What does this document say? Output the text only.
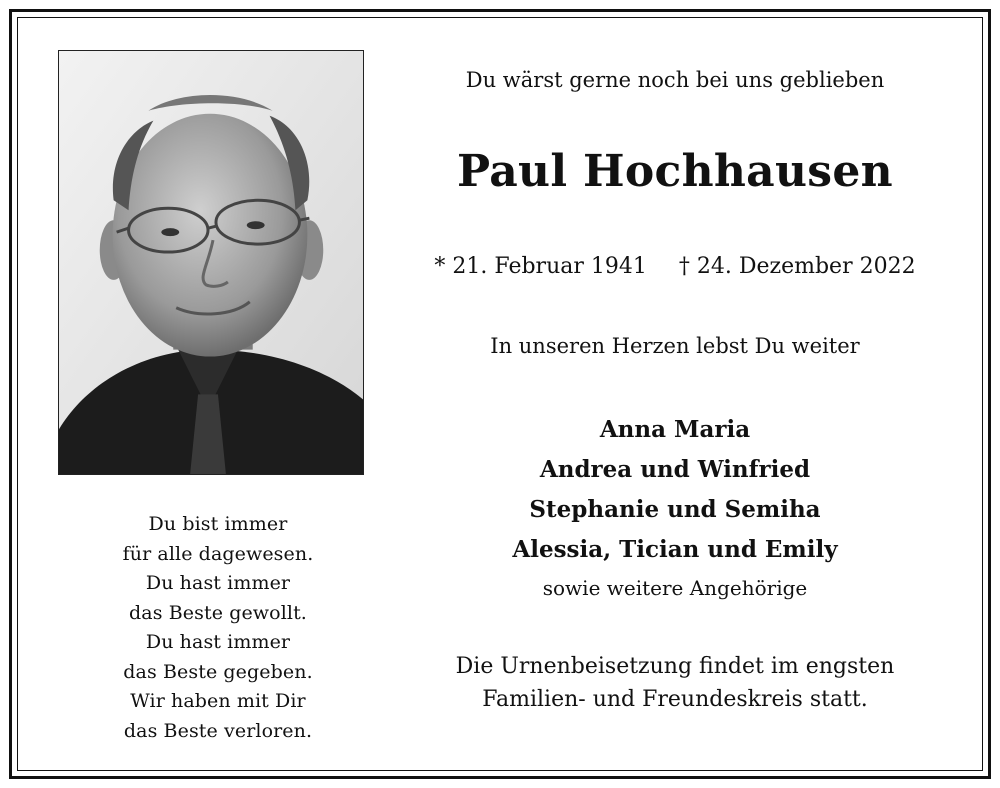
Du bist immer
für alle dagewesen.
Du hast immer
das Beste gewollt.
Du hast immer
das Beste gegeben.
Wir haben mit Dir
das Beste verloren.
Du wärst gerne noch bei uns geblieben
Paul Hochhausen
* 21. Februar 1941 † 24. Dezember 2022
In unseren Herzen lebst Du weiter
Anna Maria
Andrea und Winfried
Stephanie und Semiha
Alessia, Tician und Emily
sowie weitere Angehörige
Die Urnenbeisetzung findet im engsten
Familien- und Freundeskreis statt.
